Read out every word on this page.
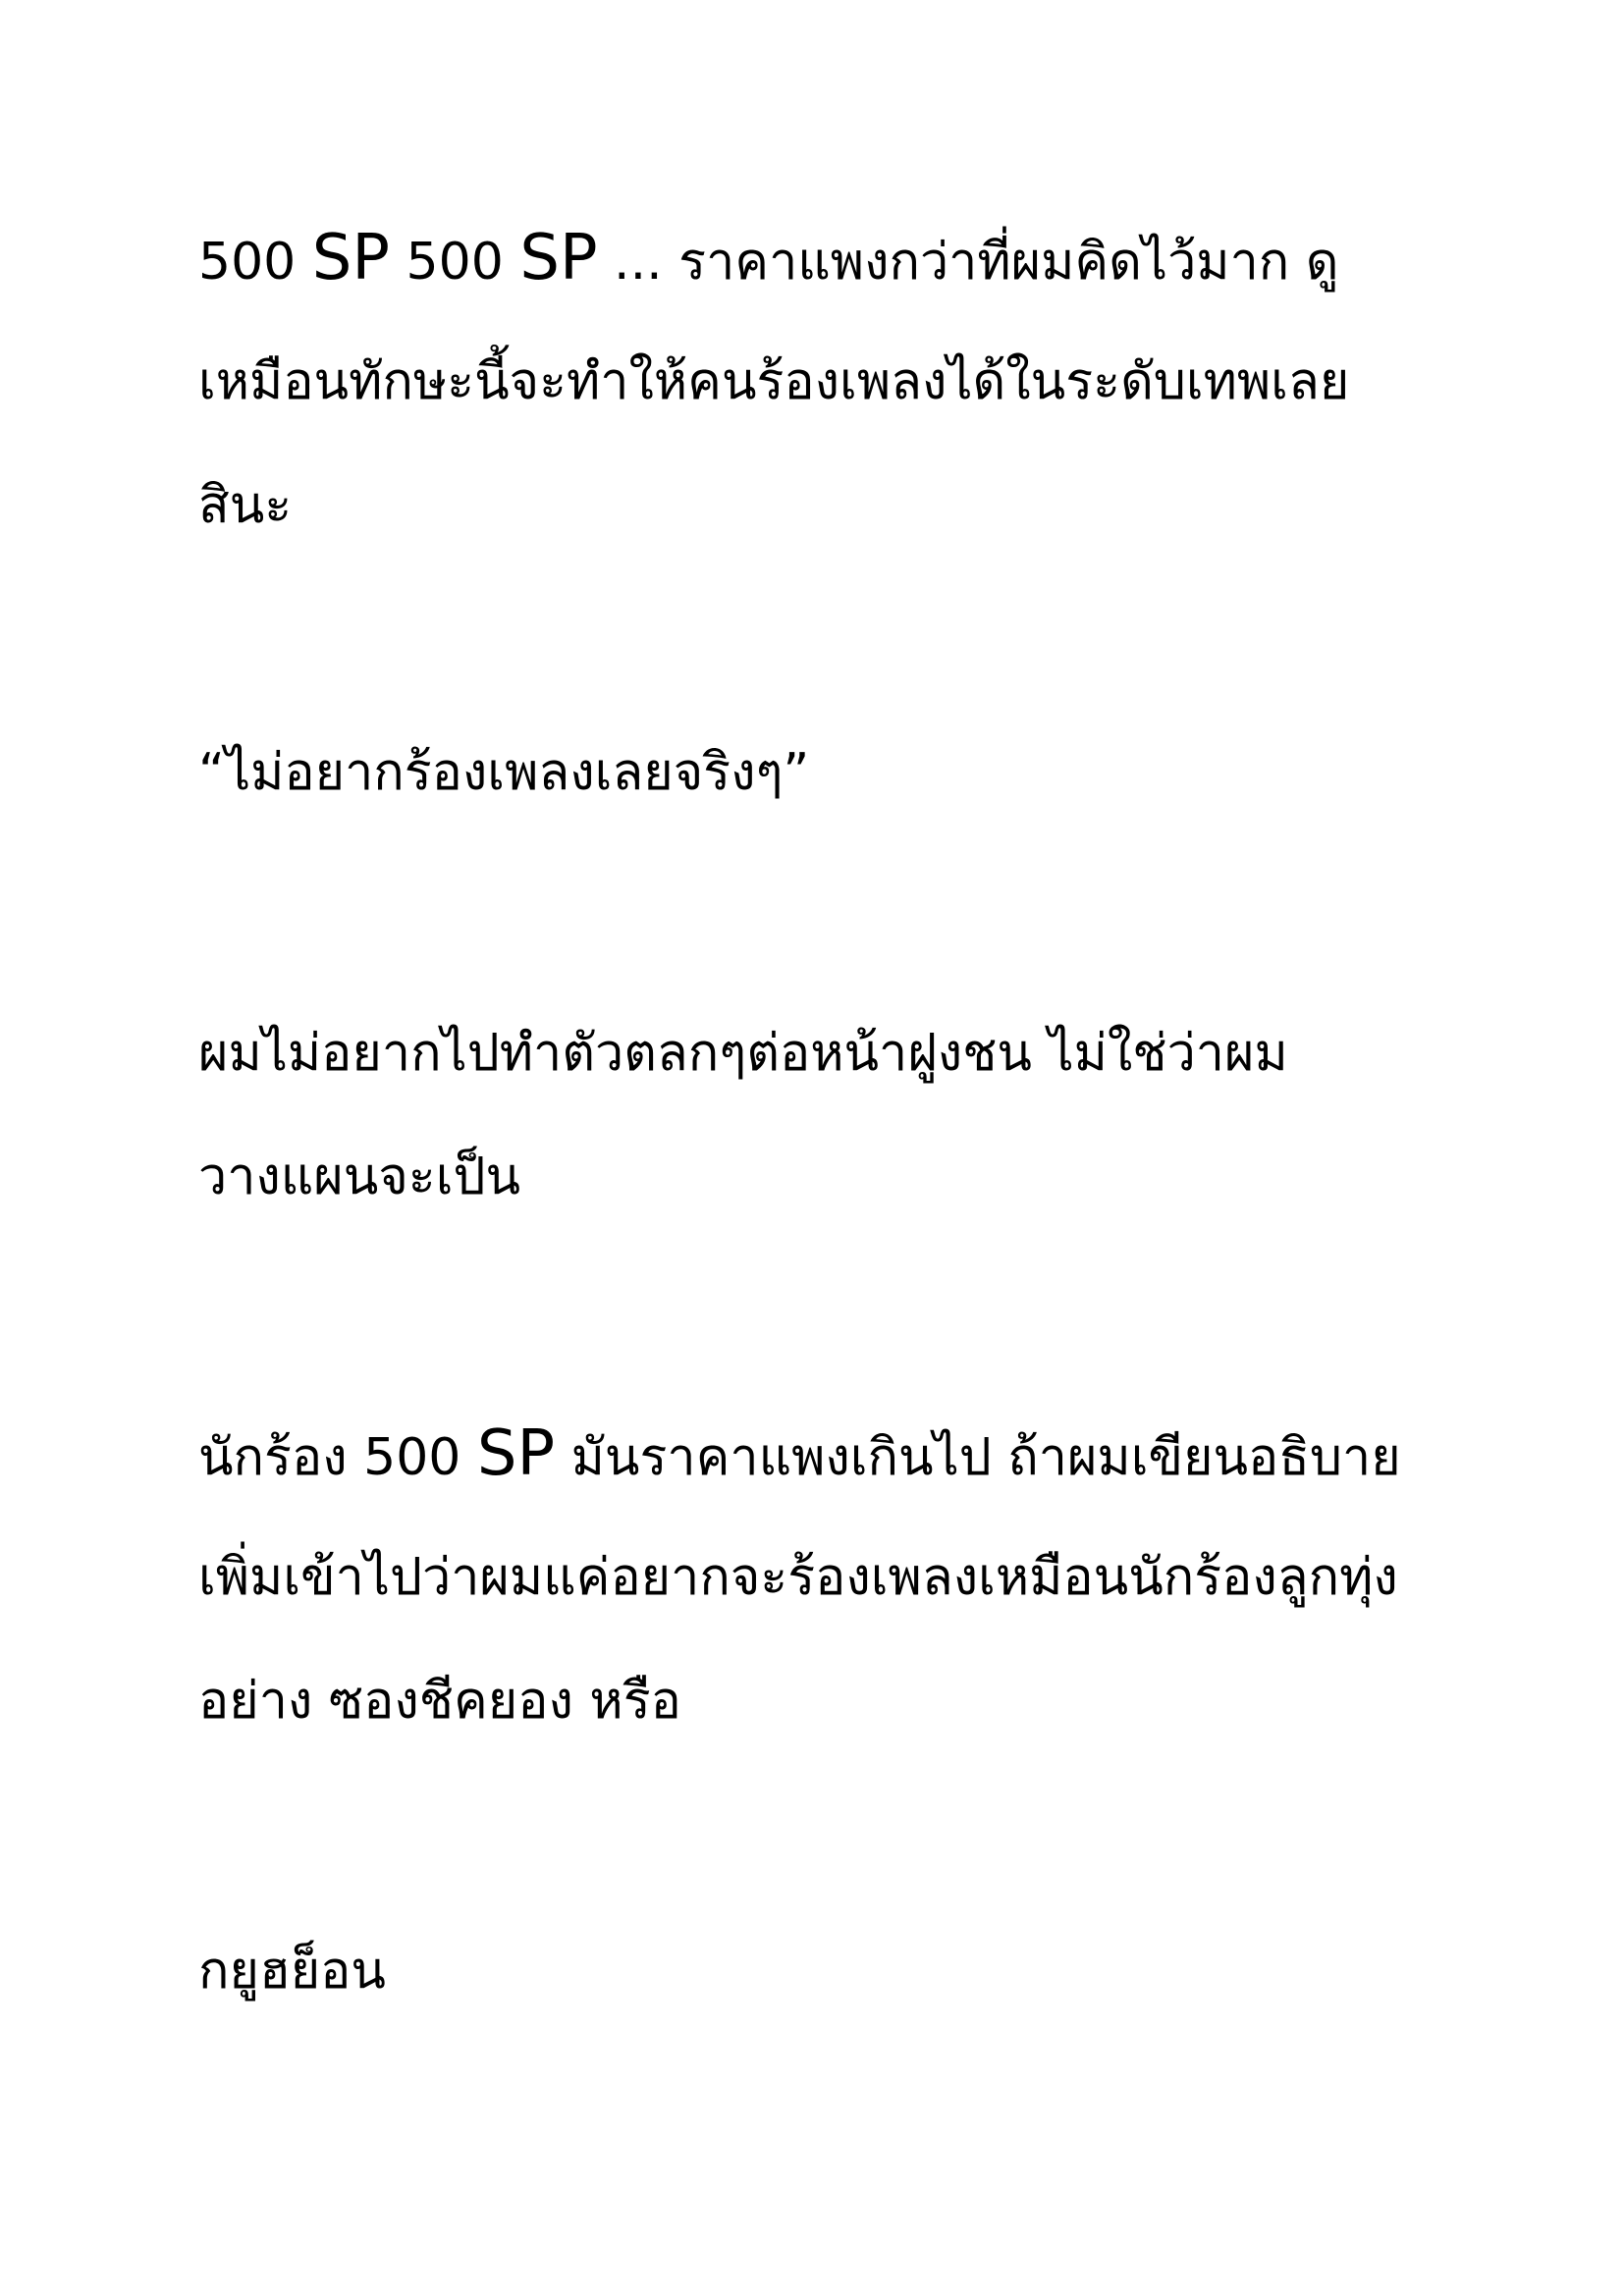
500 SP 500 SP ... ราคาแพงกว่าที่ผมคิดไว้มาก ดู
เหมือนทักษะนี้จะทำให้คนร้องเพลงได้ในระดับเทพเลย
สินะ
“ไม่อยากร้องเพลงเลยจริงๆ”
ผมไม่อยากไปทำตัวตลกๆต่อหน้าฝูงชน ไม่ใช่ว่าผม
วางแผนจะเป็น
นักร้อง 500 SP มันราคาแพงเกินไป ถ้าผมเขียนอธิบาย
เพิ่มเข้าไปว่าผมแค่อยากจะร้องเพลงเหมือนนักร้องลูกทุ่ง
อย่าง ซองชีคยอง หรือ
กยูฮย็อน
